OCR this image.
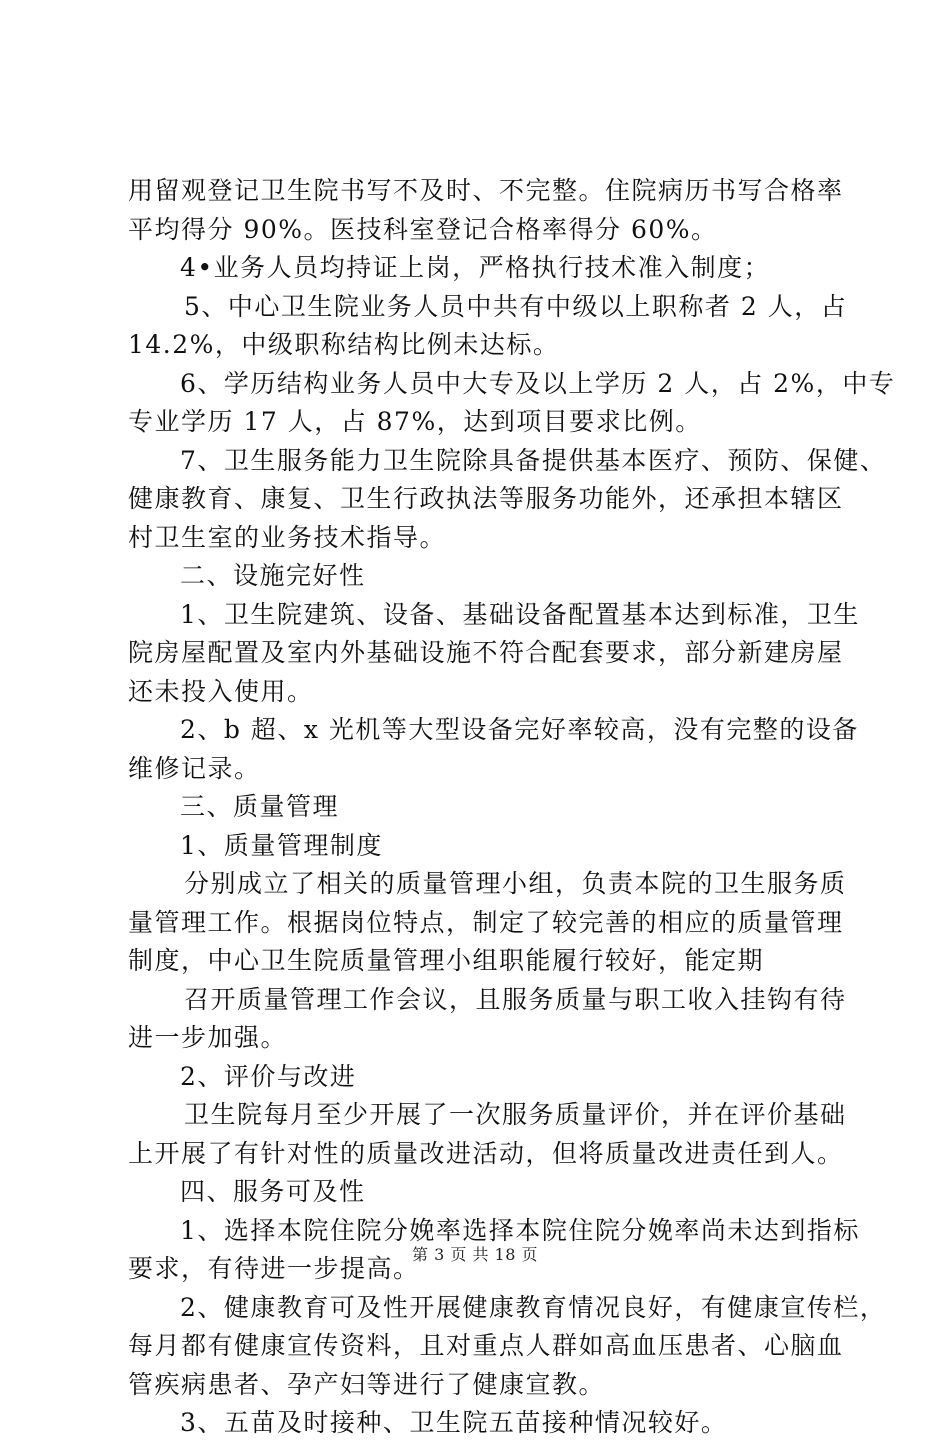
用留观登记卫生院书写不及时、不完整。住院病历书写合格率
平均得分 90%。医技科室登记合格率得分 60%。
4•业务人员均持证上岗，严格执行技术准入制度；
5、中心卫生院业务人员中共有中级以上职称者 2 人，占
14.2%，中级职称结构比例未达标。
6、学历结构业务人员中大专及以上学历 2 人，占 2%，中专
专业学历 17 人，占 87%，达到项目要求比例。
7、卫生服务能力卫生院除具备提供基本医疗、预防、保健、
健康教育、康复、卫生行政执法等服务功能外，还承担本辖区
村卫生室的业务技术指导。
二、设施完好性
1、卫生院建筑、设备、基础设备配置基本达到标准，卫生
院房屋配置及室内外基础设施不符合配套要求，部分新建房屋
还未投入使用。
2、b 超、x 光机等大型设备完好率较高，没有完整的设备
维修记录。
三、质量管理
1、质量管理制度
分别成立了相关的质量管理小组，负责本院的卫生服务质
量管理工作。根据岗位特点，制定了较完善的相应的质量管理
制度，中心卫生院质量管理小组职能履行较好，能定期
召开质量管理工作会议，且服务质量与职工收入挂钩有待
进一步加强。
2、评价与改进
卫生院每月至少开展了一次服务质量评价，并在评价基础
上开展了有针对性的质量改进活动，但将质量改进责任到人。
四、服务可及性
1、选择本院住院分娩率选择本院住院分娩率尚未达到指标
要求，有待进一步提高。
2、健康教育可及性开展健康教育情况良好，有健康宣传栏，
每月都有健康宣传资料，且对重点人群如高血压患者、心脑血
管疾病患者、孕产妇等进行了健康宣教。
3、五苗及时接种、卫生院五苗接种情况较好。
第 3 页 共 18 页
